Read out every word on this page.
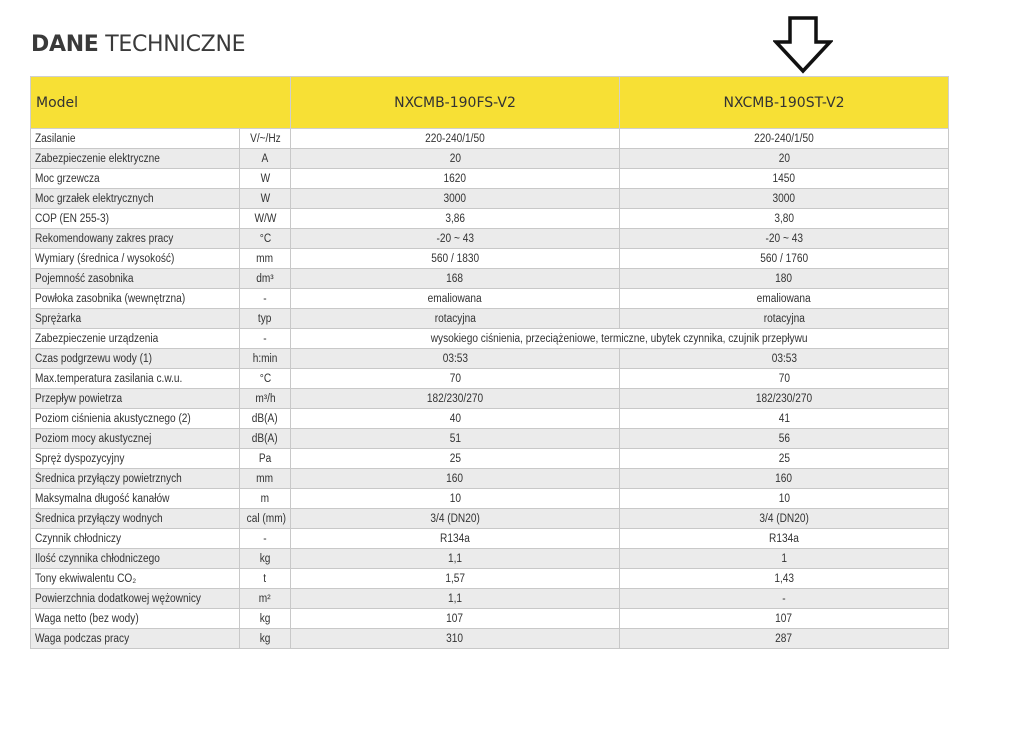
DANE TECHNICZNE
Model		NXCMB-190FS-V2	NXCMB-190ST-V2
Zasilanie	V/~/Hz	220-240/1/50	220-240/1/50
Zabezpieczenie elektryczne	A	20	20
Moc grzewcza	W	1620	1450
Moc grzałek elektrycznych	W	3000	3000
COP (EN 255-3)	W/W	3,86	3,80
Rekomendowany zakres pracy	°C	-20 ~ 43	-20 ~ 43
Wymiary (średnica / wysokość)	mm	560 / 1830	560 / 1760
Pojemność zasobnika	dm³	168	180
Powłoka zasobnika (wewnętrzna)	-	emaliowana	emaliowana
Sprężarka	typ	rotacyjna	rotacyjna
Zabezpieczenie urządzenia	-	wysokiego ciśnienia, przeciążeniowe, termiczne, ubytek czynnika, czujnik przepływu	
Czas podgrzewu wody (1)	h:min	03:53	03:53
Max.temperatura zasilania c.w.u.	°C	70	70
Przepływ powietrza	m³/h	182/230/270	182/230/270
Poziom ciśnienia akustycznego (2)	dB(A)	40	41
Poziom mocy akustycznej	dB(A)	51	56
Spręż dyspozycyjny	Pa	25	25
Średnica przyłączy powietrznych	mm	160	160
Maksymalna długość kanałów	m	10	10
Średnica przyłączy wodnych	cal (mm)	3/4 (DN20)	3/4 (DN20)
Czynnik chłodniczy	-	R134a	R134a
Ilość czynnika chłodniczego	kg	1,1	1
Tony ekwiwalentu CO₂	t	1,57	1,43
Powierzchnia dodatkowej wężownicy	m²	1,1	-
Waga netto (bez wody)	kg	107	107
Waga podczas pracy	kg	310	287
